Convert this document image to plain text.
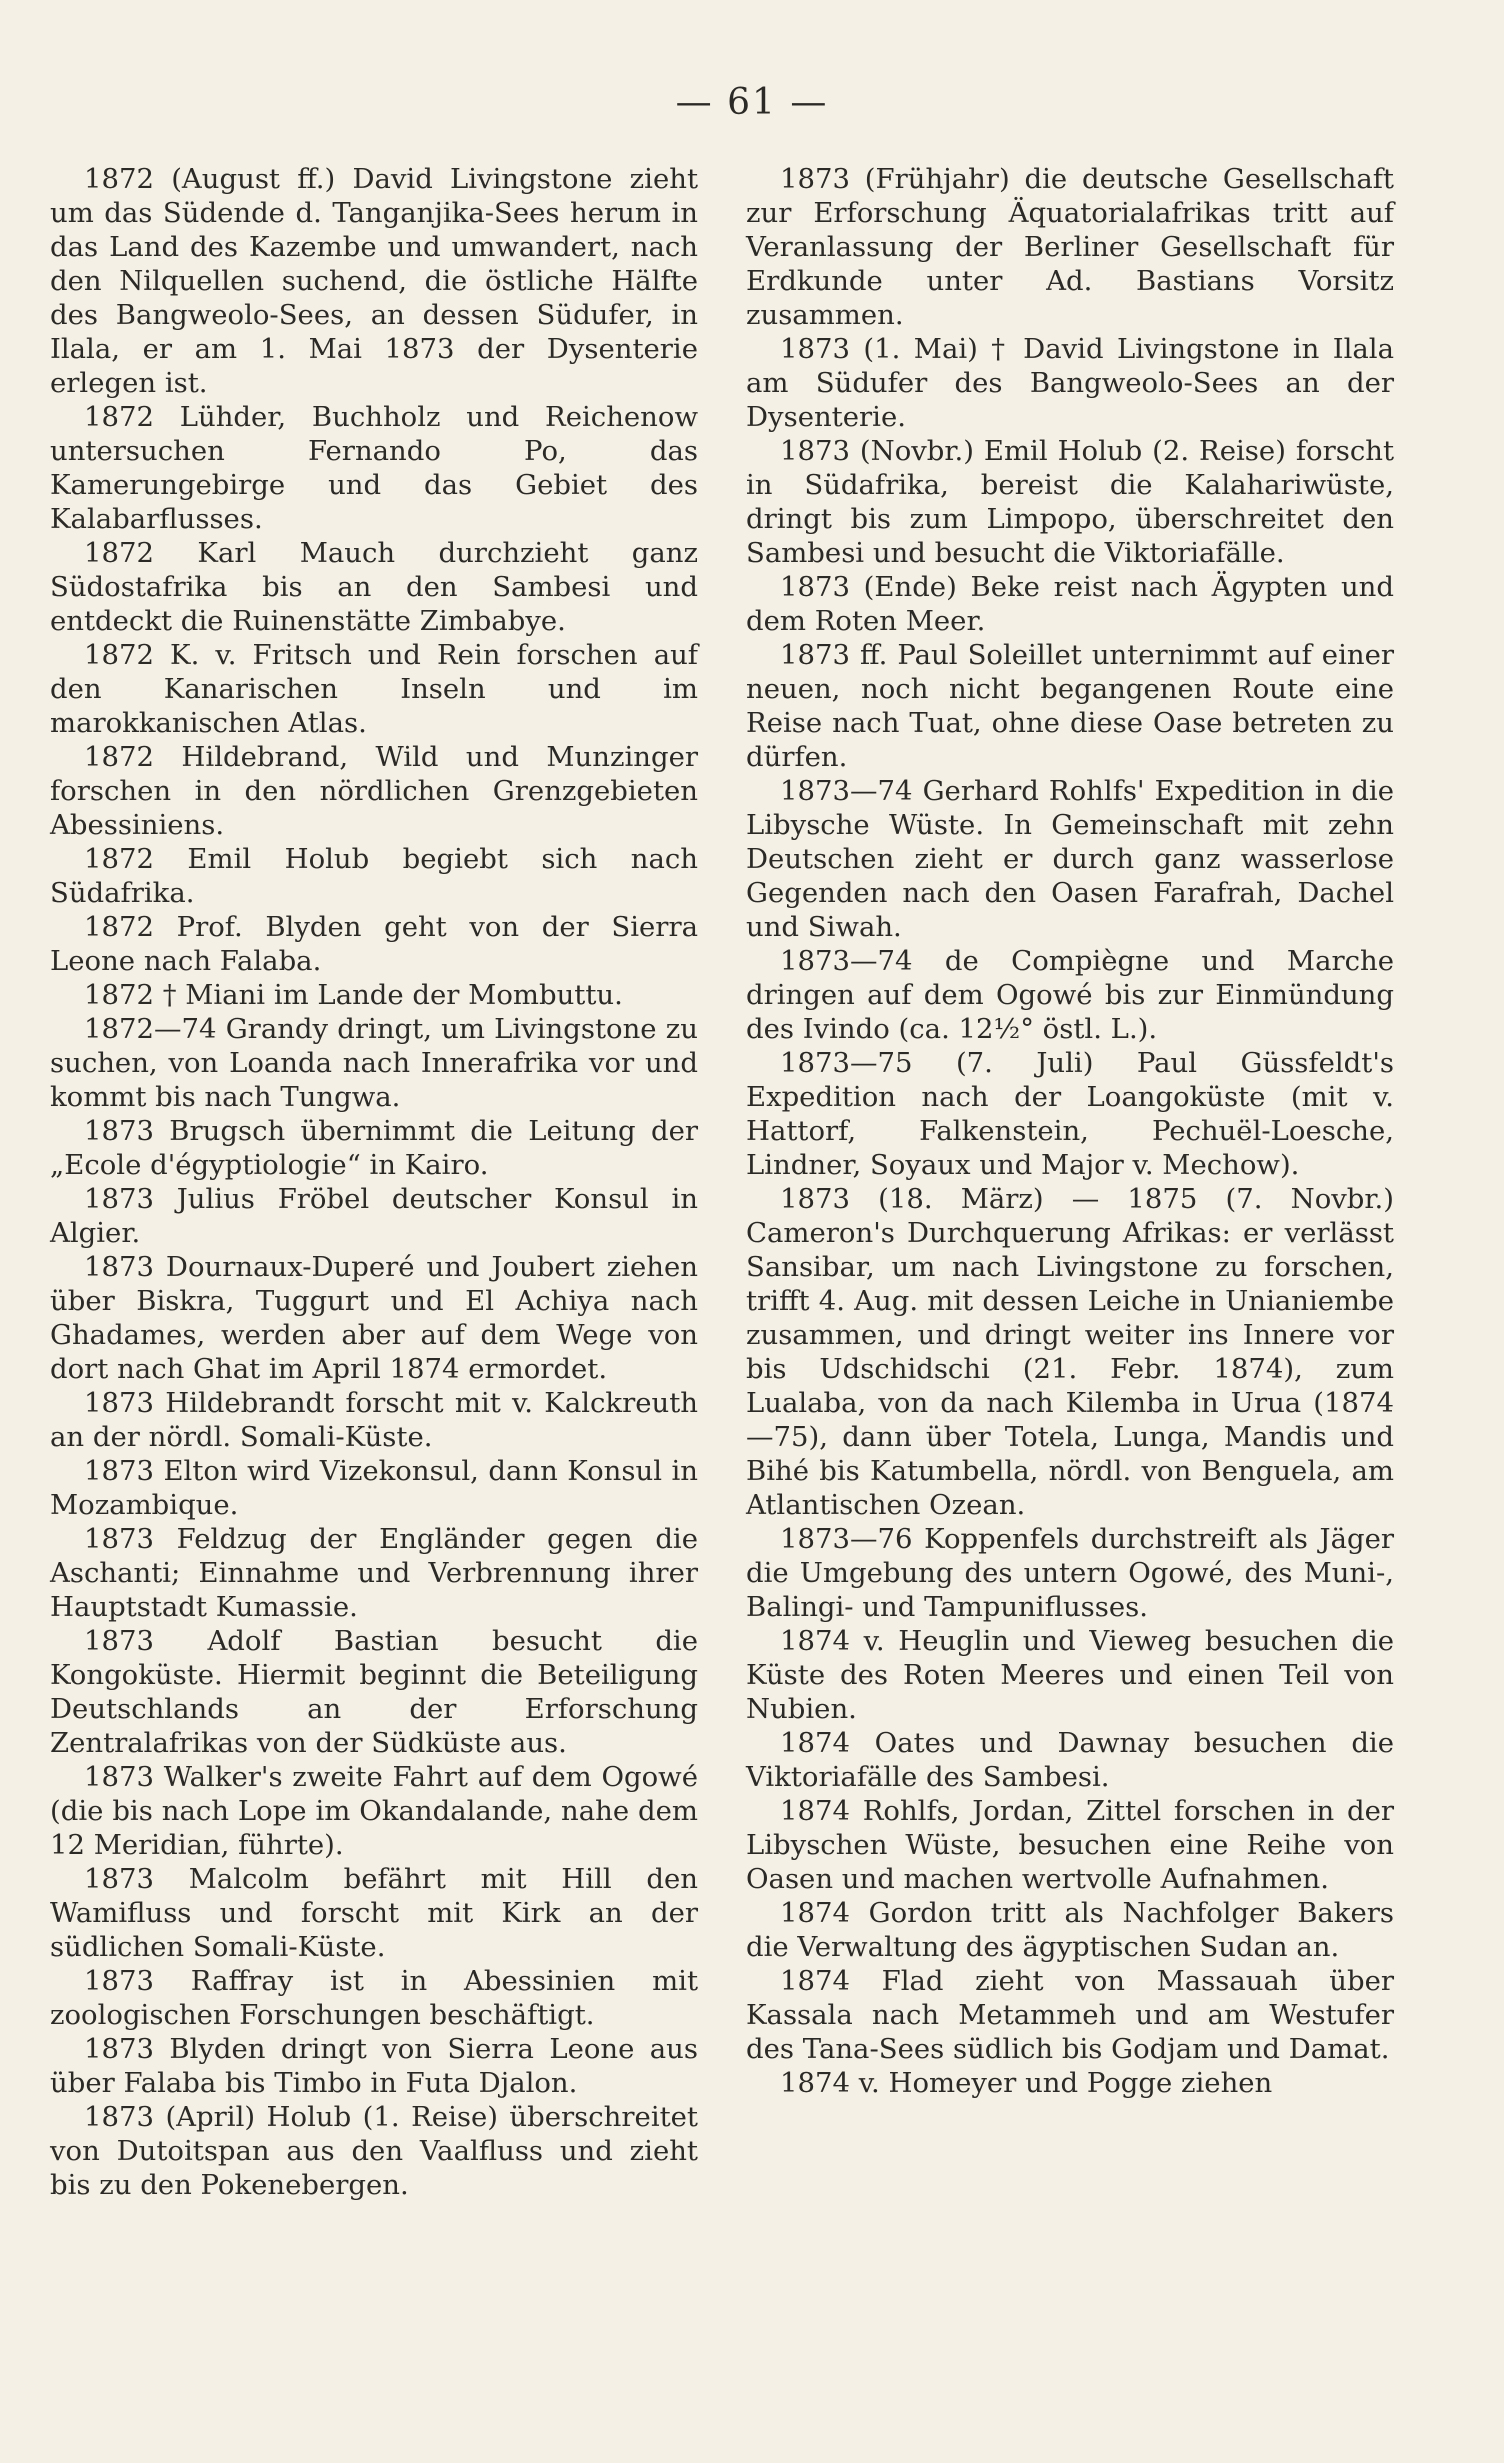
— 61 —

1872 (August ff.) David Livingstone zieht um das Südende d. Tanganjika-Sees herum in das Land des Kazembe und umwandert, nach den Nilquellen suchend, die östliche Hälfte des Bangweolo-Sees, an dessen Südufer, in Ilala, er am 1. Mai 1873 der Dysenterie erlegen ist.

1872 Lühder, Buchholz und Reichenow untersuchen Fernando Po, das Kamerungebirge und das Gebiet des Kalabarflusses.

1872 Karl Mauch durchzieht ganz Südostafrika bis an den Sambesi und entdeckt die Ruinenstätte Zimbabye.

1872 K. v. Fritsch und Rein forschen auf den Kanarischen Inseln und im marokkanischen Atlas.

1872 Hildebrand, Wild und Munzinger forschen in den nördlichen Grenzgebieten Abessiniens.

1872 Emil Holub begiebt sich nach Südafrika.

1872 Prof. Blyden geht von der Sierra Leone nach Falaba.

1872 † Miani im Lande der Mombuttu.

1872—74 Grandy dringt, um Livingstone zu suchen, von Loanda nach Innerafrika vor und kommt bis nach Tungwa.

1873 Brugsch übernimmt die Leitung der „Ecole d'égyptiologie“ in Kairo.

1873 Julius Fröbel deutscher Konsul in Algier.

1873 Dournaux-Duperé und Joubert ziehen über Biskra, Tuggurt und El Achiya nach Ghadames, werden aber auf dem Wege von dort nach Ghat im April 1874 ermordet.

1873 Hildebrandt forscht mit v. Kalckreuth an der nördl. Somali-Küste.

1873 Elton wird Vizekonsul, dann Konsul in Mozambique.

1873 Feldzug der Engländer gegen die Aschanti; Einnahme und Verbrennung ihrer Hauptstadt Kumassie.

1873 Adolf Bastian besucht die Kongoküste. Hiermit beginnt die Beteiligung Deutschlands an der Erforschung Zentralafrikas von der Südküste aus.

1873 Walker's zweite Fahrt auf dem Ogowé (die bis nach Lope im Okandalande, nahe dem 12 Meridian, führte).

1873 Malcolm befährt mit Hill den Wamifluss und forscht mit Kirk an der südlichen Somali-Küste.

1873 Raffray ist in Abessinien mit zoologischen Forschungen beschäftigt.

1873 Blyden dringt von Sierra Leone aus über Falaba bis Timbo in Futa Djalon.

1873 (April) Holub (1. Reise) überschreitet von Dutoitspan aus den Vaalfluss und zieht bis zu den Pokenebergen.

1873 (Frühjahr) die deutsche Gesellschaft zur Erforschung Äquatorialafrikas tritt auf Veranlassung der Berliner Gesellschaft für Erdkunde unter Ad. Bastians Vorsitz zusammen.

1873 (1. Mai) † David Livingstone in Ilala am Südufer des Bangweolo-Sees an der Dysenterie.

1873 (Novbr.) Emil Holub (2. Reise) forscht in Südafrika, bereist die Kalahariwüste, dringt bis zum Limpopo, überschreitet den Sambesi und besucht die Viktoriafälle.

1873 (Ende) Beke reist nach Ägypten und dem Roten Meer.

1873 ff. Paul Soleillet unternimmt auf einer neuen, noch nicht begangenen Route eine Reise nach Tuat, ohne diese Oase betreten zu dürfen.

1873—74 Gerhard Rohlfs' Expedition in die Libysche Wüste. In Gemeinschaft mit zehn Deutschen zieht er durch ganz wasserlose Gegenden nach den Oasen Farafrah, Dachel und Siwah.

1873—74 de Compiègne und Marche dringen auf dem Ogowé bis zur Einmündung des Ivindo (ca. 12½° östl. L.).

1873—75 (7. Juli) Paul Güssfeldt's Expedition nach der Loangoküste (mit v. Hattorf, Falkenstein, Pechuël-Loesche, Lindner, Soyaux und Major v. Mechow).

1873 (18. März) — 1875 (7. Novbr.) Cameron's Durchquerung Afrikas: er verlässt Sansibar, um nach Livingstone zu forschen, trifft 4. Aug. mit dessen Leiche in Unianiembe zusammen, und dringt weiter ins Innere vor bis Udschidschi (21. Febr. 1874), zum Lualaba, von da nach Kilemba in Urua (1874—75), dann über Totela, Lunga, Mandis und Bihé bis Katumbella, nördl. von Benguela, am Atlantischen Ozean.

1873—76 Koppenfels durchstreift als Jäger die Umgebung des untern Ogowé, des Muni-, Balingi- und Tampuniflusses.

1874 v. Heuglin und Vieweg besuchen die Küste des Roten Meeres und einen Teil von Nubien.

1874 Oates und Dawnay besuchen die Viktoriafälle des Sambesi.

1874 Rohlfs, Jordan, Zittel forschen in der Libyschen Wüste, besuchen eine Reihe von Oasen und machen wertvolle Aufnahmen.

1874 Gordon tritt als Nachfolger Bakers die Verwaltung des ägyptischen Sudan an.

1874 Flad zieht von Massauah über Kassala nach Metammeh und am Westufer des Tana-Sees südlich bis Godjam und Damat.

1874 v. Homeyer und Pogge ziehen
